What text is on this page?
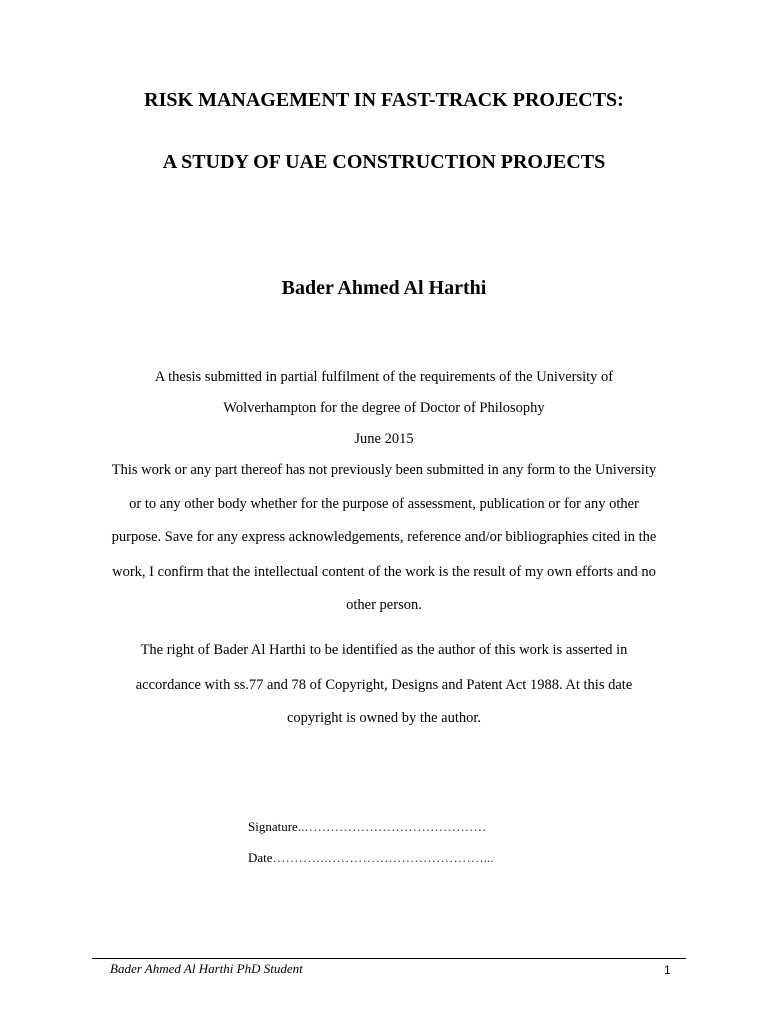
RISK MANAGEMENT IN FAST-TRACK PROJECTS:
A STUDY OF UAE CONSTRUCTION PROJECTS
Bader Ahmed Al Harthi
A thesis submitted in partial fulfilment of the requirements of the University of
Wolverhampton for the degree of Doctor of Philosophy
June 2015
This work or any part thereof has not previously been submitted in any form to the University
or to any other body whether for the purpose of assessment, publication or for any other
purpose. Save for any express acknowledgements, reference and/or bibliographies cited in the
work, I confirm that the intellectual content of the work is the result of my own efforts and no
other person.
The right of Bader Al Harthi to be identified as the author of this work is asserted in
accordance with ss.77 and 78 of Copyright, Designs and Patent Act 1988. At this date
copyright is owned by the author.
Signature..……………………………………
Date………….………………………………...
Bader Ahmed Al Harthi PhD Student	1
